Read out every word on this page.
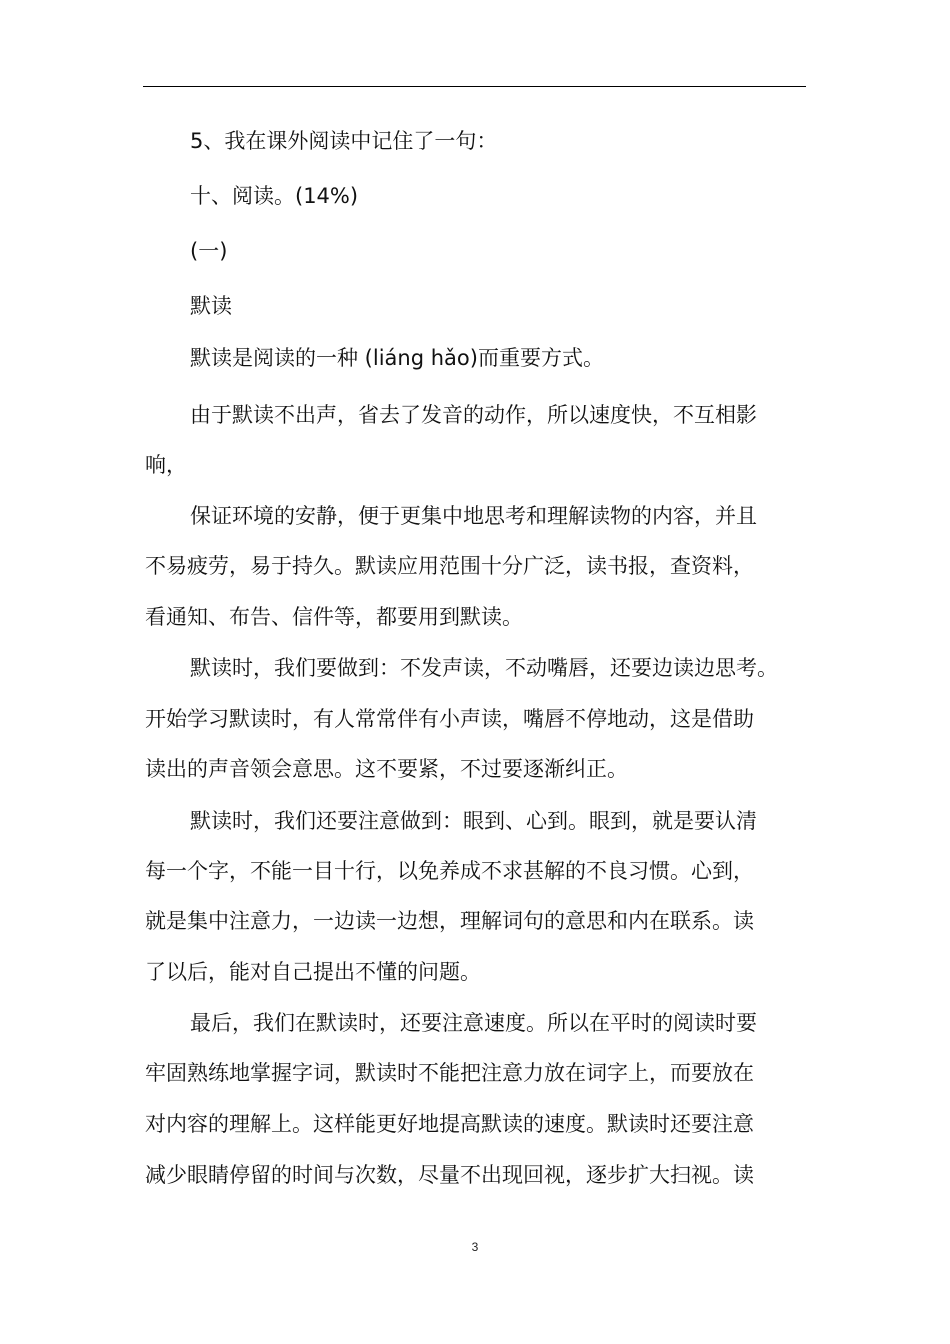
5、我在课外阅读中记住了一句：
十、阅读。(14%)
(一)
默读
默读是阅读的一种 (liáng hǎo)而重要方式。
由于默读不出声，省去了发音的动作，所以速度快，不互相影
响，
保证环境的安静，便于更集中地思考和理解读物的内容，并且
不易疲劳，易于持久。默读应用范围十分广泛，读书报，查资料，
看通知、布告、信件等，都要用到默读。
默读时，我们要做到：不发声读，不动嘴唇，还要边读边思考。
开始学习默读时，有人常常伴有小声读，嘴唇不停地动，这是借助
读出的声音领会意思。这不要紧，不过要逐渐纠正。
默读时，我们还要注意做到：眼到、心到。眼到，就是要认清
每一个字，不能一目十行，以免养成不求甚解的不良习惯。心到，
就是集中注意力，一边读一边想，理解词句的意思和内在联系。读
了以后，能对自己提出不懂的问题。
最后，我们在默读时，还要注意速度。所以在平时的阅读时要
牢固熟练地掌握字词，默读时不能把注意力放在词字上，而要放在
对内容的理解上。这样能更好地提高默读的速度。默读时还要注意
减少眼睛停留的时间与次数，尽量不出现回视，逐步扩大扫视。读
3
